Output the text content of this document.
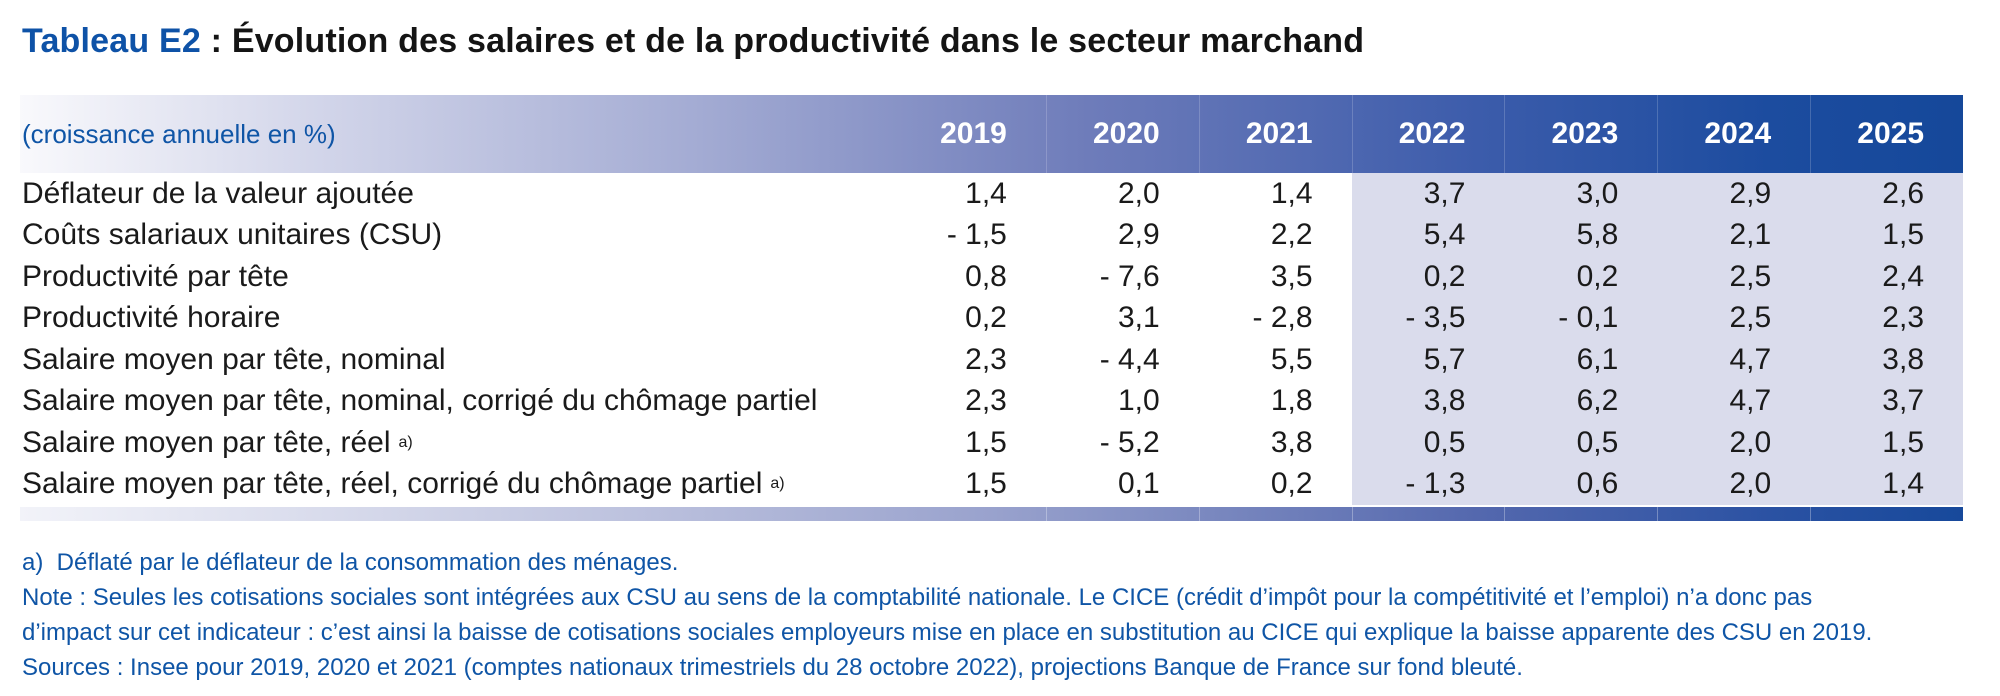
Tableau E2 : Évolution des salaires et de la productivité dans le secteur marchand
(croissance annuelle en %)	2019	2020	2021	2022	2023	2024	2025
Déflateur de la valeur ajoutée	1,4	2,0	1,4	3,7	3,0	2,9	2,6
Coûts salariaux unitaires (CSU)	- 1,5	2,9	2,2	5,4	5,8	2,1	1,5
Productivité par tête	0,8	- 7,6	3,5	0,2	0,2	2,5	2,4
Productivité horaire	0,2	3,1	- 2,8	- 3,5	- 0,1	2,5	2,3
Salaire moyen par tête, nominal	2,3	- 4,4	5,5	5,7	6,1	4,7	3,8
Salaire moyen par tête, nominal, corrigé du chômage partiel	2,3	1,0	1,8	3,8	6,2	4,7	3,7
Salaire moyen par tête, réel a)	1,5	- 5,2	3,8	0,5	0,5	2,0	1,5
Salaire moyen par tête, réel, corrigé du chômage partiel a)	1,5	0,1	0,2	- 1,3	0,6	2,0	1,4
a)  Déflaté par le déflateur de la consommation des ménages.
Note : Seules les cotisations sociales sont intégrées aux CSU au sens de la comptabilité nationale. Le CICE (crédit d’impôt pour la compétitivité et l’emploi) n’a donc pas
d’impact sur cet indicateur : c’est ainsi la baisse de cotisations sociales employeurs mise en place en substitution au CICE qui explique la baisse apparente des CSU en 2019.
Sources : Insee pour 2019, 2020 et 2021 (comptes nationaux trimestriels du 28 octobre 2022), projections Banque de France sur fond bleuté.
